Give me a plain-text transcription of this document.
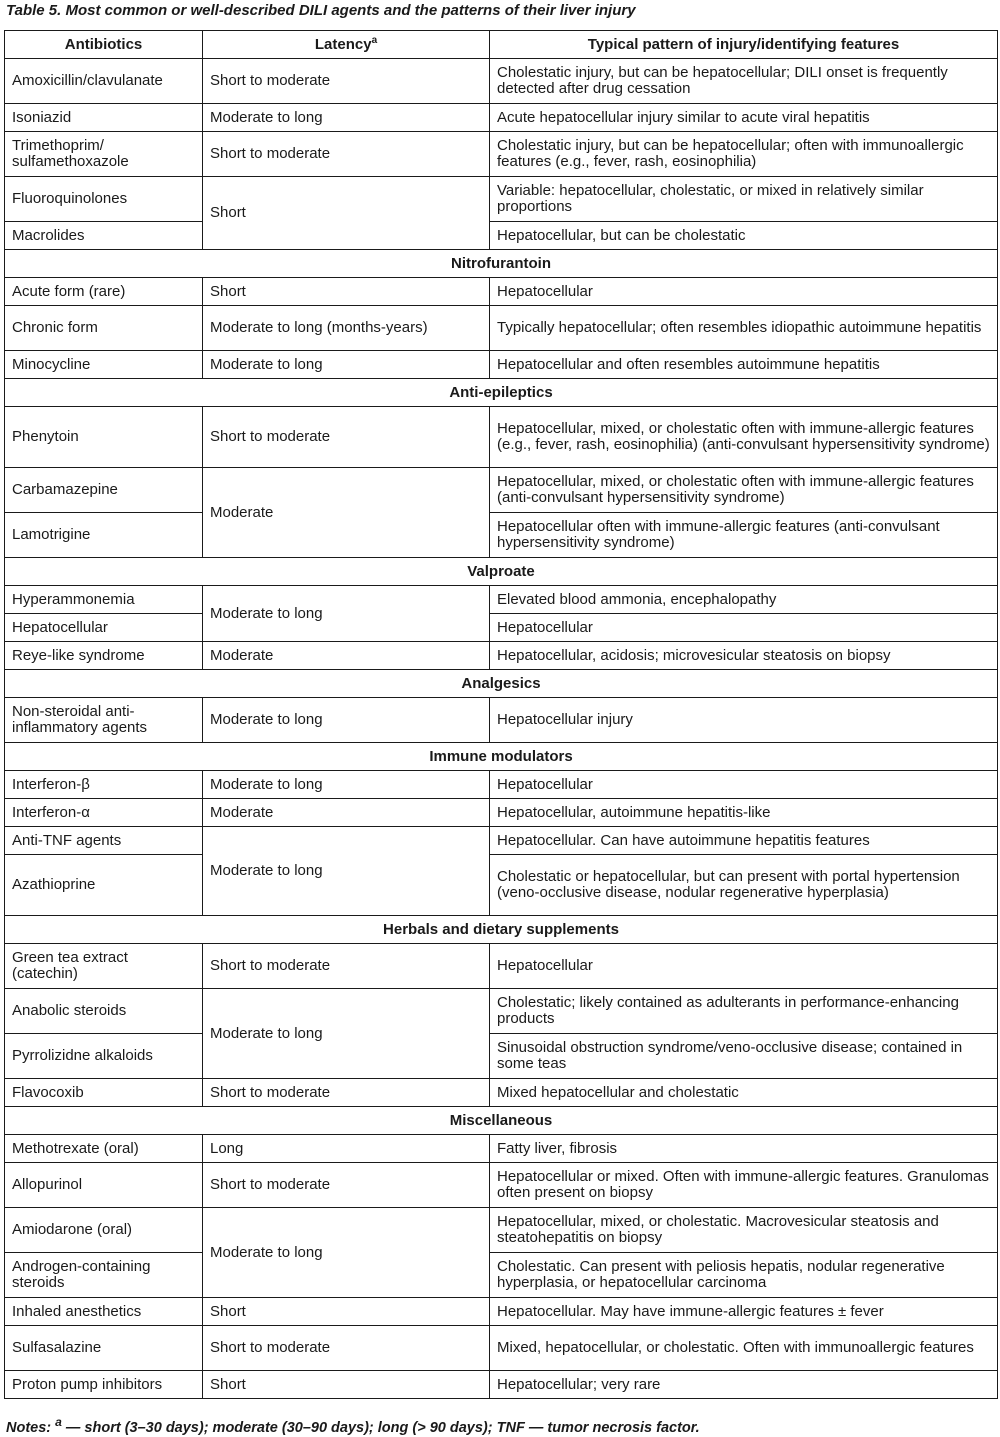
Table 5. Most common or well-described DILI agents and the patterns of their liver injury
Antibiotics	Latency$^a$	Typical pattern of injury/identifying features
Amoxicillin/clavulanate	Short to moderate	Cholestatic injury, but can be hepatocellular; DILI onset is frequently detected after drug cessation
Isoniazid	Moderate to long	Acute hepatocellular injury similar to acute viral hepatitis
Trimethoprim/ sulfamethoxazole	Short to moderate	Cholestatic injury, but can be hepatocellular; often with immunoallergic features (e.g., fever, rash, eosinophilia)
Fluoroquinolones	Short	Variable: hepatocellular, cholestatic, or mixed in relatively similar proportions
Macrolides		Hepatocellular, but can be cholestatic
Nitrofurantoin		
Acute form (rare)	Short	Hepatocellular
Chronic form	Moderate to long (months-years)	Typically hepatocellular; often resembles idiopathic autoimmune hepatitis
Minocycline	Moderate to long	Hepatocellular and often resembles autoimmune hepatitis
Anti-epileptics		
Phenytoin	Short to moderate	Hepatocellular, mixed, or cholestatic often with immune-allergic features (e.g., fever, rash, eosinophilia) (anti-convulsant hypersensitivity syndrome)
Carbamazepine	Moderate	Hepatocellular, mixed, or cholestatic often with immune-allergic features (anti-convulsant hypersensitivity syndrome)
Lamotrigine		Hepatocellular often with immune-allergic features (anti-convulsant hypersensitivity syndrome)
Valproate		
Hyperammonemia	Moderate to long	Elevated blood ammonia, encephalopathy
Hepatocellular		Hepatocellular
Reye-like syndrome	Moderate	Hepatocellular, acidosis; microvesicular steatosis on biopsy
Analgesics		
Non-steroidal anti-inflammatory agents	Moderate to long	Hepatocellular injury
Immune modulators		
Interferon-β	Moderate to long	Hepatocellular
Interferon-α	Moderate	Hepatocellular, autoimmune hepatitis-like
Anti-TNF agents	Moderate to long	Hepatocellular. Can have autoimmune hepatitis features
Azathioprine		Cholestatic or hepatocellular, but can present with portal hypertension (veno-occlusive disease, nodular regenerative hyperplasia)
Herbals and dietary supplements		
Green tea extract (catechin)	Short to moderate	Hepatocellular
Anabolic steroids	Moderate to long	Cholestatic; likely contained as adulterants in performance-enhancing products
Pyrrolizidne alkaloids		Sinusoidal obstruction syndrome/veno-occlusive disease; contained in some teas
Flavocoxib	Short to moderate	Mixed hepatocellular and cholestatic
Miscellaneous		
Methotrexate (oral)	Long	Fatty liver, fibrosis
Allopurinol	Short to moderate	Hepatocellular or mixed. Often with immune-allergic features. Granulomas often present on biopsy
Amiodarone (oral)	Moderate to long	Hepatocellular, mixed, or cholestatic. Macrovesicular steatosis and steatohepatitis on biopsy
Androgen-containing steroids		Cholestatic. Can present with peliosis hepatis, nodular regenerative hyperplasia, or hepatocellular carcinoma
Inhaled anesthetics	Short	Hepatocellular. May have immune-allergic features ± fever
Sulfasalazine	Short to moderate	Mixed, hepatocellular, or cholestatic. Often with immunoallergic features
Proton pump inhibitors	Short	Hepatocellular; very rare
Notes: $^a$ — short (3–30 days); moderate (30–90 days); long (> 90 days); TNF — tumor necrosis factor.
